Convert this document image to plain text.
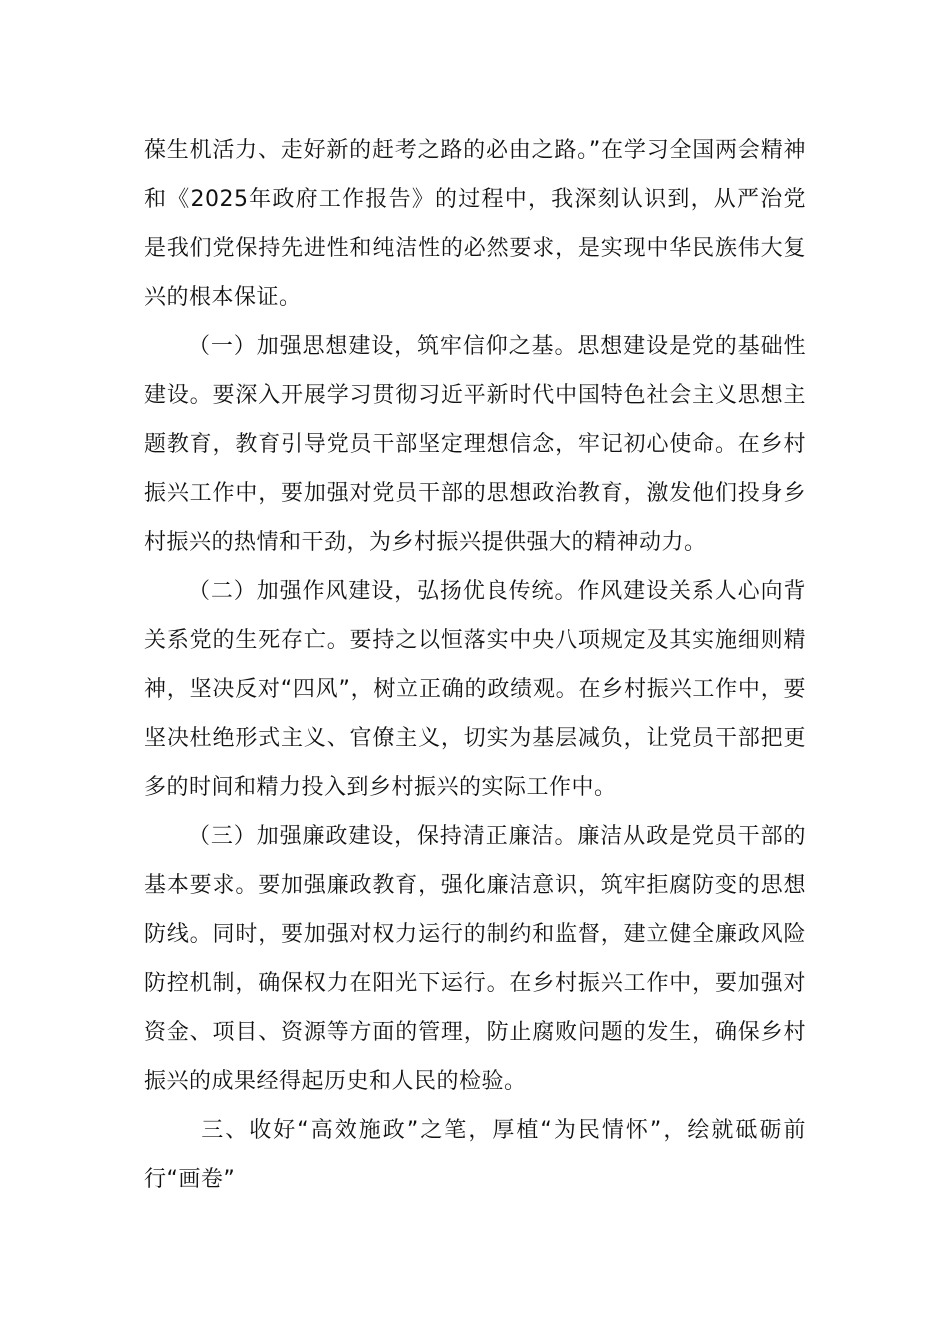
葆生机活力、走好新的赶考之路的必由之路。”在学习全国两会精神和《2025年政府工作报告》的过程中，我深刻认识到，从严治党是我们党保持先进性和纯洁性的必然要求，是实现中华民族伟大复兴的根本保证。

（一）加强思想建设，筑牢信仰之基。思想建设是党的基础性建设。要深入开展学习贯彻习近平新时代中国特色社会主义思想主题教育，教育引导党员干部坚定理想信念，牢记初心使命。在乡村振兴工作中，要加强对党员干部的思想政治教育，激发他们投身乡村振兴的热情和干劲，为乡村振兴提供强大的精神动力。

（二）加强作风建设，弘扬优良传统。作风建设关系人心向背关系党的生死存亡。要持之以恒落实中央八项规定及其实施细则精神，坚决反对“四风”，树立正确的政绩观。在乡村振兴工作中，要坚决杜绝形式主义、官僚主义，切实为基层减负，让党员干部把更多的时间和精力投入到乡村振兴的实际工作中。

（三）加强廉政建设，保持清正廉洁。廉洁从政是党员干部的基本要求。要加强廉政教育，强化廉洁意识，筑牢拒腐防变的思想防线。同时，要加强对权力运行的制约和监督，建立健全廉政风险防控机制，确保权力在阳光下运行。在乡村振兴工作中，要加强对资金、项目、资源等方面的管理，防止腐败问题的发生，确保乡村振兴的成果经得起历史和人民的检验。

三、收好“高效施政”之笔，厚植“为民情怀”，绘就砥砺前行“画卷”
